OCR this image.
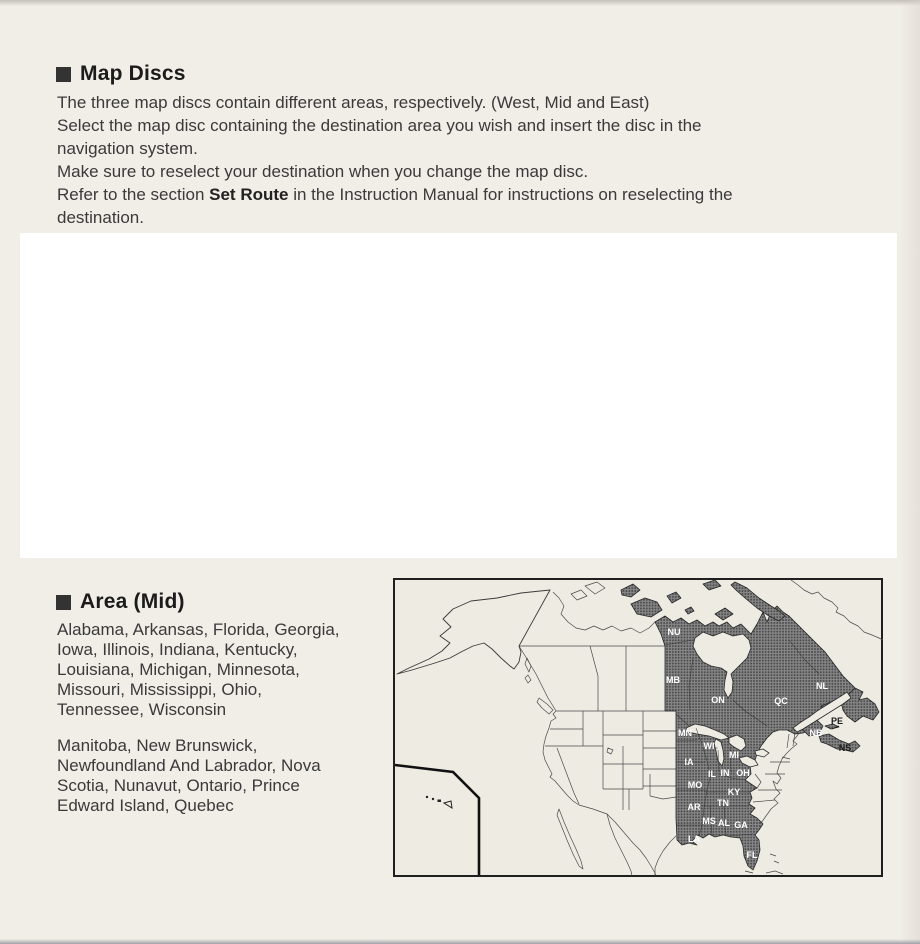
Map Discs
The three map discs contain different areas, respectively. (West, Mid and East)
Select the map disc containing the destination area you wish and insert the disc in the
navigation system.
Make sure to reselect your destination when you change the map disc.
Refer to the section Set Route in the Instruction Manual for instructions on reselecting the
destination.
Area (Mid)
Alabama, Arkansas, Florida, Georgia,
Iowa, Illinois, Indiana, Kentucky,
Louisiana, Michigan, Minnesota,
Missouri, Mississippi, Ohio,
Tennessee, Wisconsin
Manitoba, New Brunswick,
Newfoundland And Labrador, Nova
Scotia, Nunavut, Ontario, Prince
Edward Island, Quebec
NU
MB
ON	QC
NL
MN
WI
MI
IA
IL IN OH
MO
KY
TN
AR
MS AL GA
LA
FL
NB
PE
NS
